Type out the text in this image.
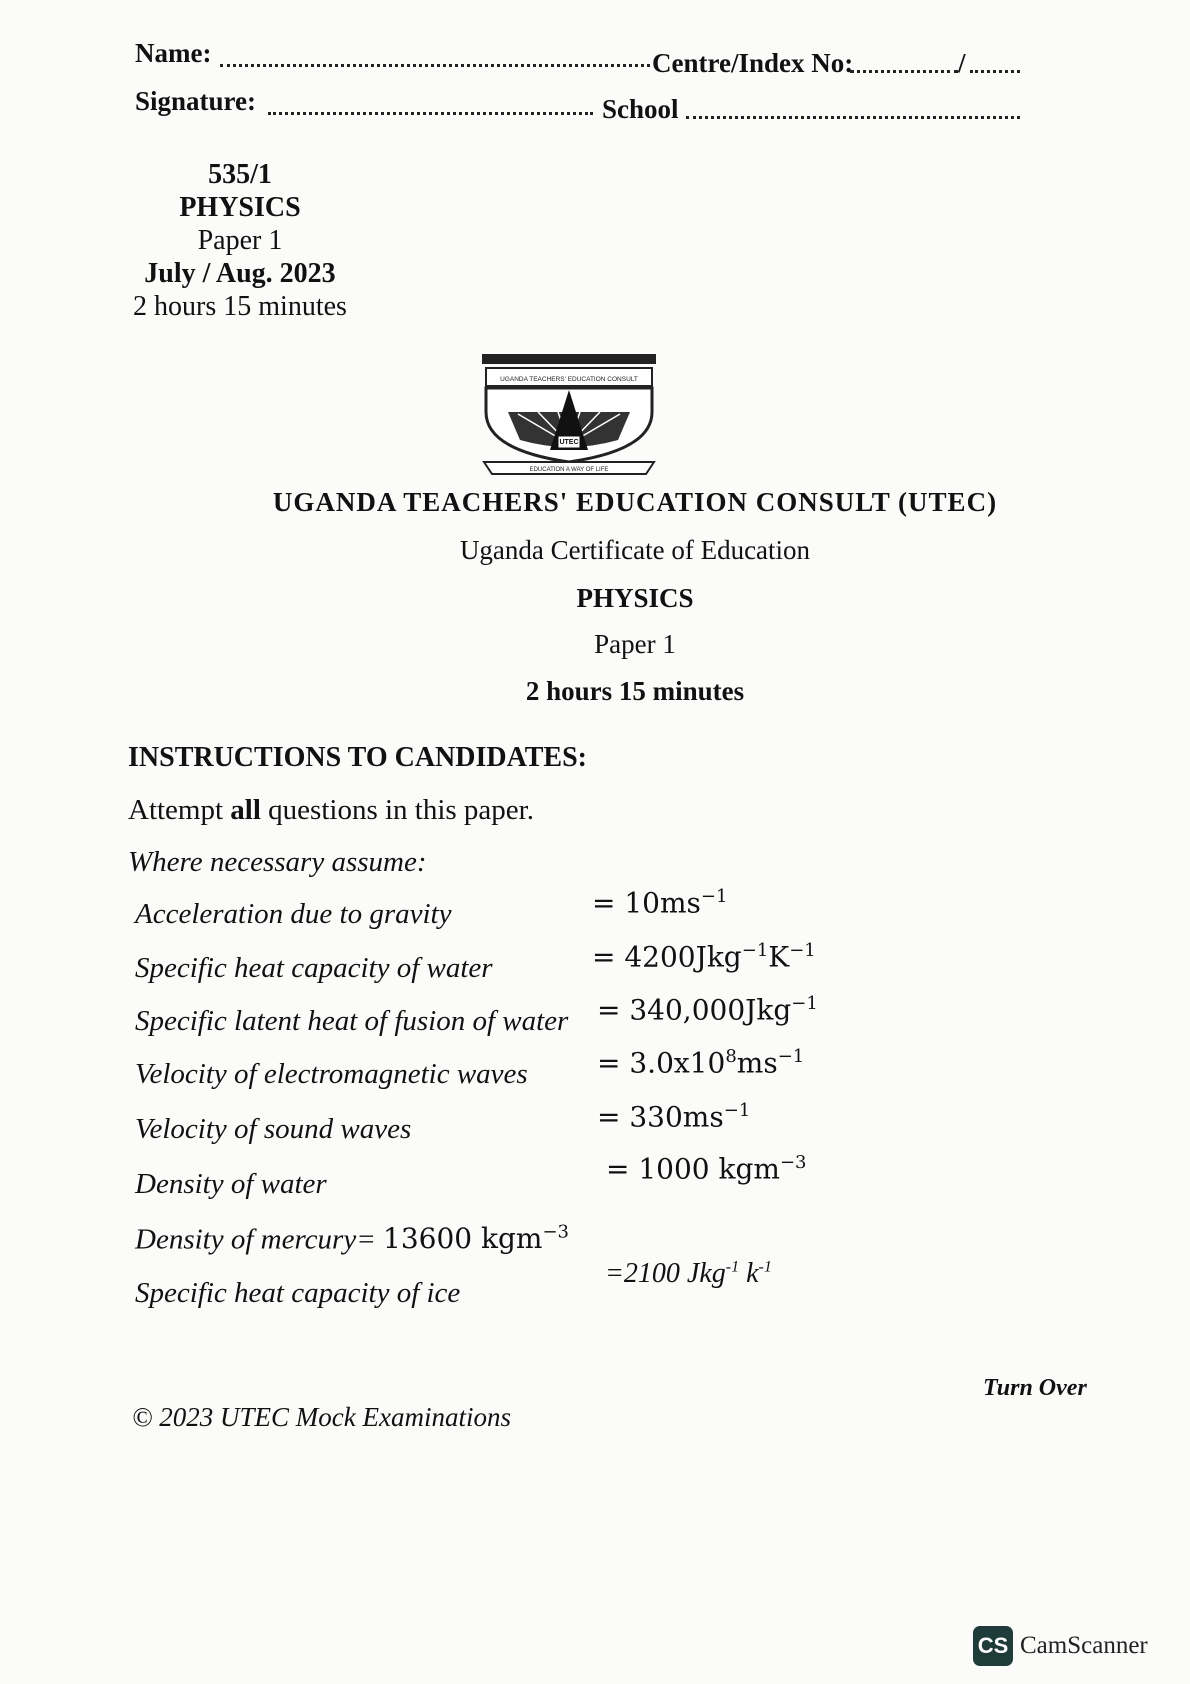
Name:	Centre/Index No:	/
Signature:	School
535/1
PHYSICS
Paper 1
July / Aug. 2023
2 hours 15 minutes
UGANDA TEACHERS' EDUCATION CONSULT
UTEC
EDUCATION A WAY OF LIFE
UGANDA TEACHERS' EDUCATION CONSULT (UTEC)
Uganda Certificate of Education
PHYSICS
Paper 1
2 hours 15 minutes
INSTRUCTIONS TO CANDIDATES:
Attempt all questions in this paper.
Where necessary assume:
Acceleration due to gravity	= $10ms^{-1}$
Specific heat capacity of water	= $4200Jkg^{-1}K^{-1}$
Specific latent heat of fusion of water = 340,000Jkg$^{-1}$
Velocity of electromagnetic waves = $3.0x10^8ms^{-1}$
Velocity of sound waves	= $330ms^{-1}$
Density of water	= 1000 kgm$^{-3}$
Density of mercury= 13600 kgm$^{-3}$
Specific heat capacity of ice
=2100 Jkg$^{-1}$ $k^{-1}$
Turn Over
© 2023 UTEC Mock Examinations
CS CamScanner
